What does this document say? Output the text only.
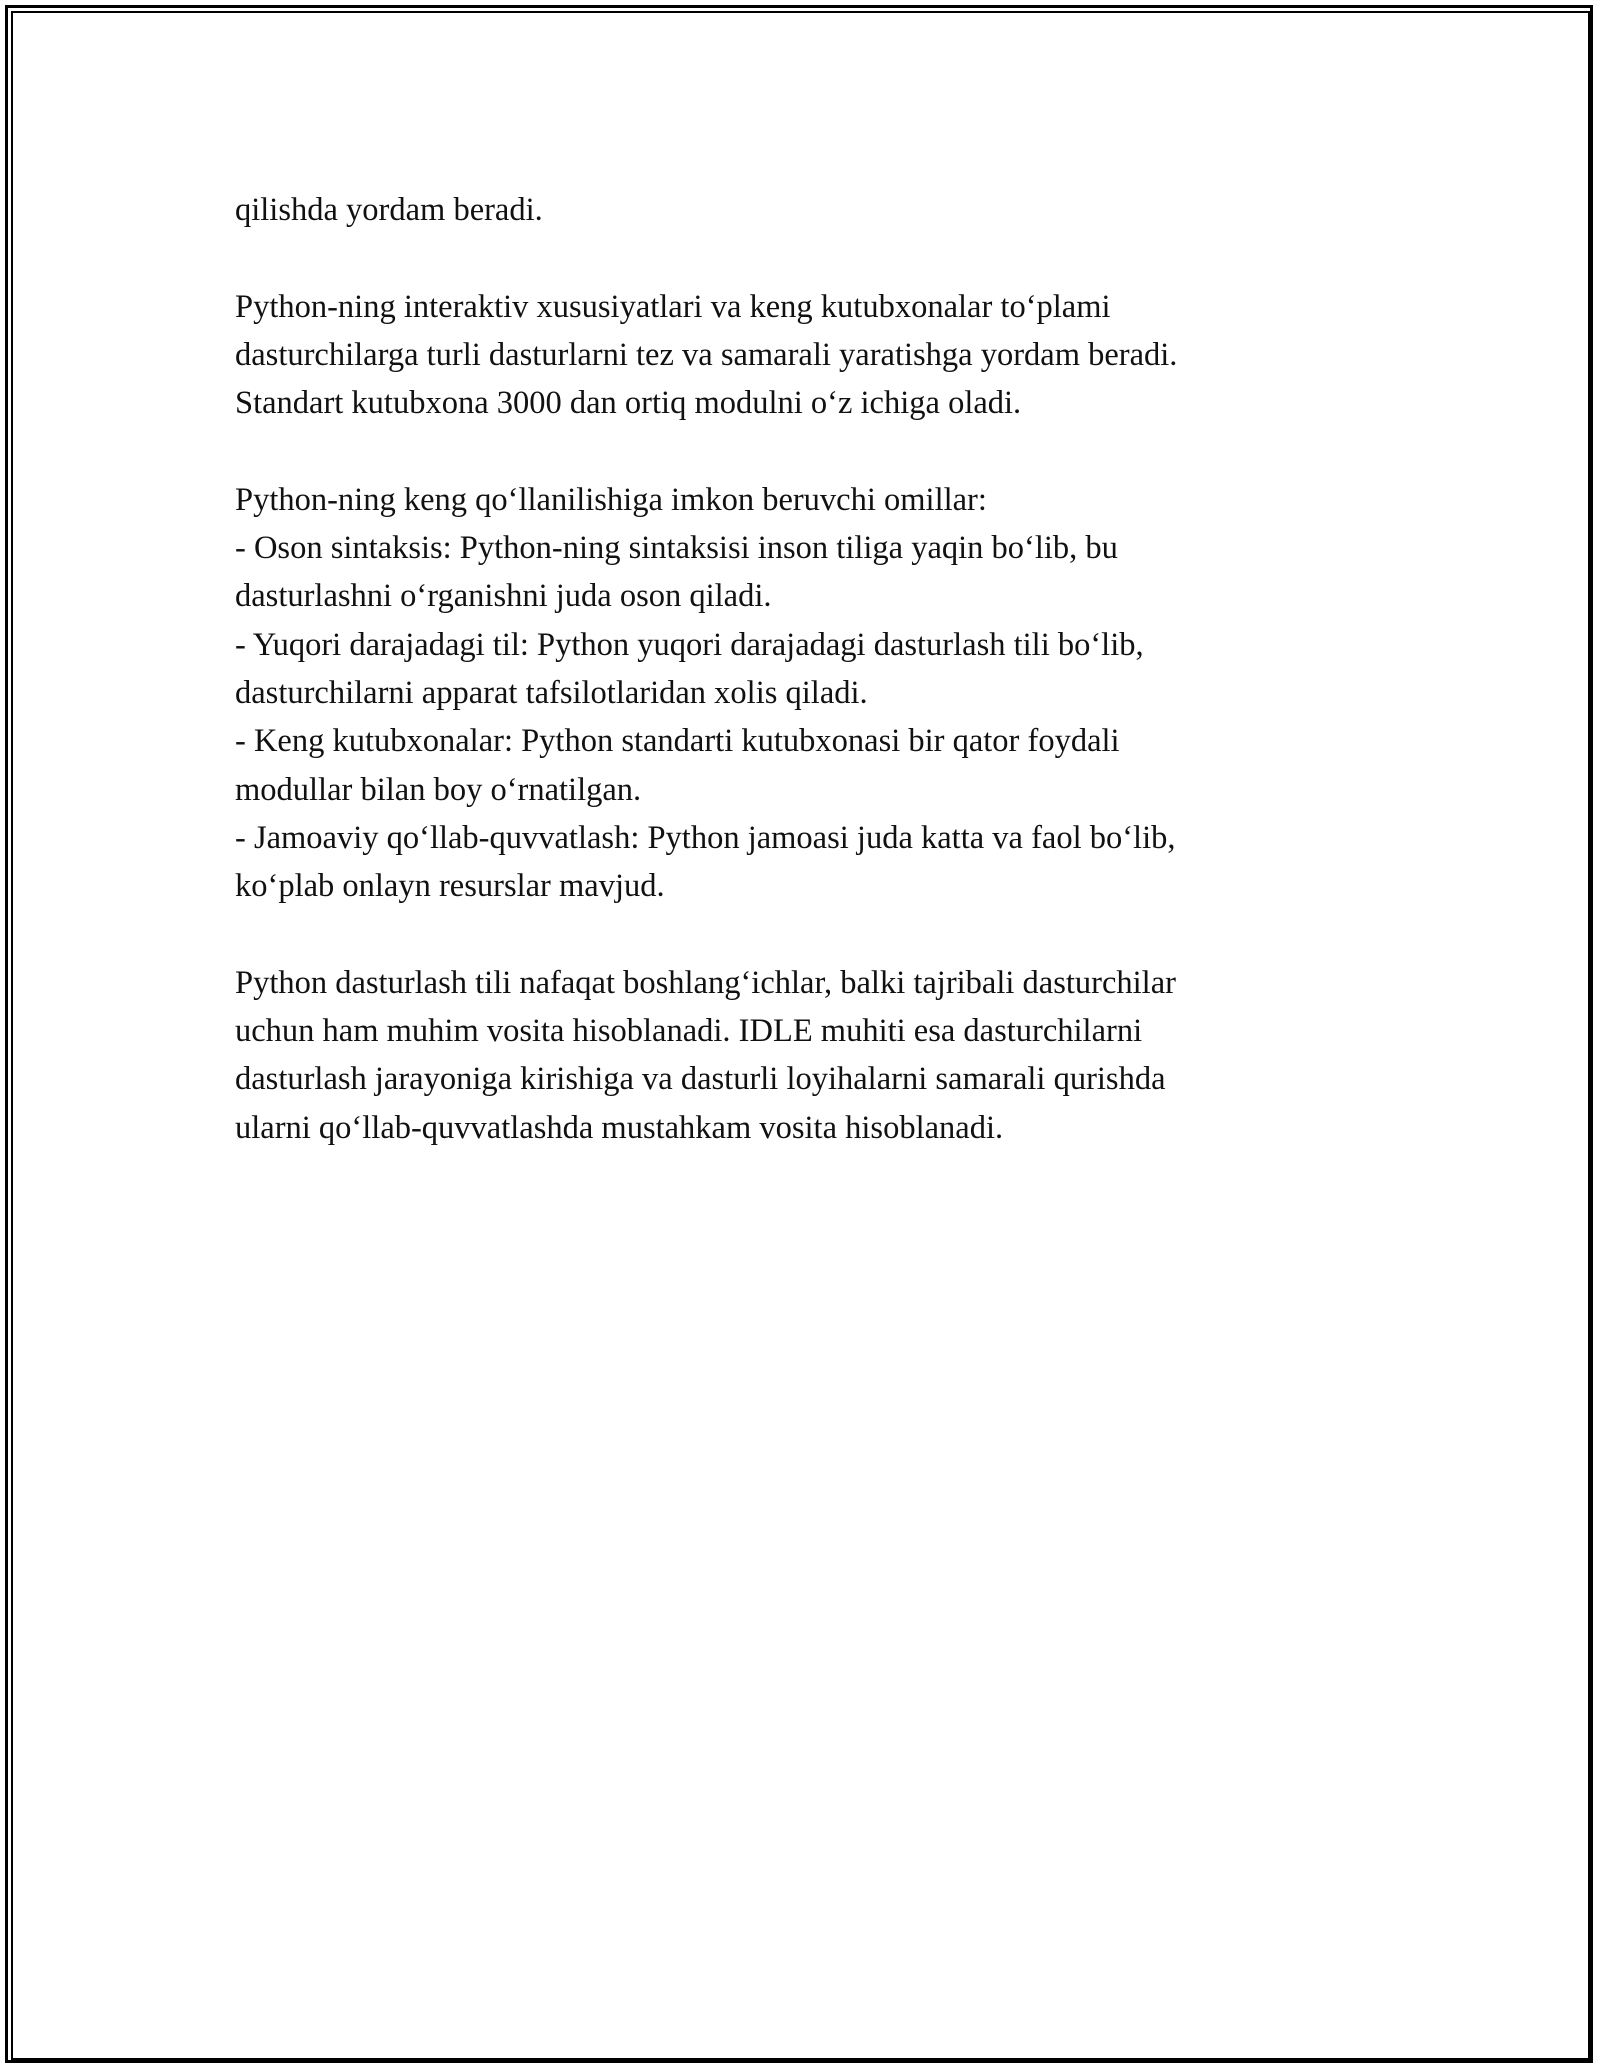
qilishda yordam beradi.
Python-ning interaktiv xususiyatlari va keng kutubxonalar to‘plami
dasturchilarga turli dasturlarni tez va samarali yaratishga yordam beradi.
Standart kutubxona 3000 dan ortiq modulni o‘z ichiga oladi.
Python-ning keng qo‘llanilishiga imkon beruvchi omillar:
- Oson sintaksis: Python-ning sintaksisi inson tiliga yaqin bo‘lib, bu
dasturlashni o‘rganishni juda oson qiladi.
- Yuqori darajadagi til: Python yuqori darajadagi dasturlash tili bo‘lib,
dasturchilarni apparat tafsilotlaridan xolis qiladi.
- Keng kutubxonalar: Python standarti kutubxonasi bir qator foydali
modullar bilan boy o‘rnatilgan.
- Jamoaviy qo‘llab-quvvatlash: Python jamoasi juda katta va faol bo‘lib,
ko‘plab onlayn resurslar mavjud.
Python dasturlash tili nafaqat boshlang‘ichlar, balki tajribali dasturchilar
uchun ham muhim vosita hisoblanadi. IDLE muhiti esa dasturchilarni
dasturlash jarayoniga kirishiga va dasturli loyihalarni samarali qurishda
ularni qo‘llab-quvvatlashda mustahkam vosita hisoblanadi.
